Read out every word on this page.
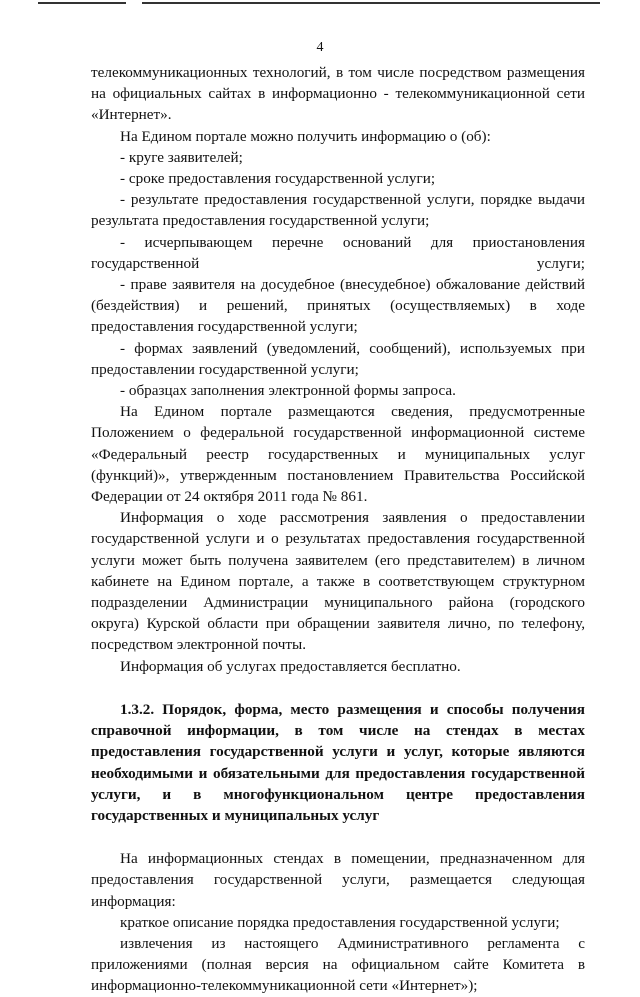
4

телекоммуникационных технологий, в том числе посредством размещения на официальных сайтах в информационно - телекоммуникационной сети «Интернет».

На Едином портале можно получить информацию о (об):

- круге заявителей;

- сроке предоставления государственной услуги;

- результате предоставления государственной услуги, порядке выдачи результата предоставления государственной услуги;

- исчерпывающем перечне оснований для приостановления государственной услуги;

- праве заявителя на досудебное (внесудебное) обжалование действий (бездействия) и решений, принятых (осуществляемых) в ходе предоставления государственной услуги;

- формах заявлений (уведомлений, сообщений), используемых при предоставлении государственной услуги;

- образцах заполнения электронной формы запроса.

На Едином портале размещаются сведения, предусмотренные Положением о федеральной государственной информационной системе «Федеральный реестр государственных и муниципальных услуг (функций)», утвержденным постановлением Правительства Российской Федерации от 24 октября 2011 года № 861.

Информация о ходе рассмотрения заявления о предоставлении государственной услуги и о результатах предоставления государственной услуги может быть получена заявителем (его представителем) в личном кабинете на Едином портале, а также в соответствующем структурном подразделении Администрации муниципального района (городского округа) Курской области при обращении заявителя лично, по телефону, посредством электронной почты.

Информация об услугах предоставляется бесплатно.

1.3.2. Порядок, форма, место размещения и способы получения справочной информации, в том числе на стендах в местах предоставления государственной услуги и услуг, которые являются необходимыми и обязательными для предоставления государственной услуги, и в многофункциональном центре предоставления государственных и муниципальных услуг

На информационных стендах в помещении, предназначенном для предоставления государственной услуги, размещается следующая информация:

краткое описание порядка предоставления государственной услуги;

извлечения из настоящего Административного регламента с приложениями (полная версия на официальном сайте Комитета в информационно-телекоммуникационной сети «Интернет»);
